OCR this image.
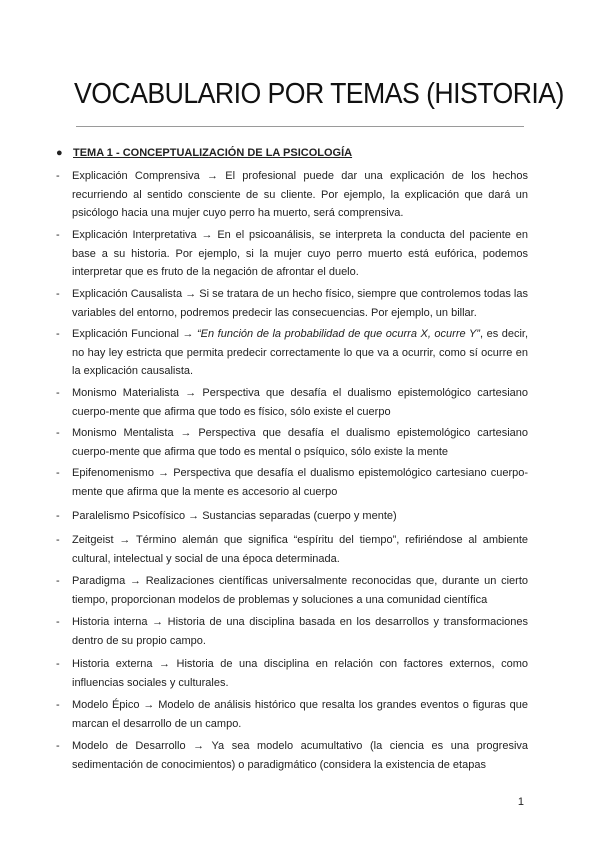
VOCABULARIO POR TEMAS (HISTORIA)
● TEMA 1 - CONCEPTUALIZACIÓN DE LA PSICOLOGÍA
- Explicación Comprensiva → El profesional puede dar una explicación de los hechos recurriendo al sentido consciente de su cliente. Por ejemplo, la explicación que dará un psicólogo hacia una mujer cuyo perro ha muerto, será comprensiva.
- Explicación Interpretativa → En el psicoanálisis, se interpreta la conducta del paciente en base a su historia. Por ejemplo, si la mujer cuyo perro muerto está eufórica, podemos interpretar que es fruto de la negación de afrontar el duelo.
- Explicación Causalista → Si se tratara de un hecho físico, siempre que controlemos todas las variables del entorno, podremos predecir las consecuencias. Por ejemplo, un billar.
- Explicación Funcional → “En función de la probabilidad de que ocurra X, ocurre Y”, es decir, no hay ley estricta que permita predecir correctamente lo que va a ocurrir, como sí ocurre en la explicación causalista.
- Monismo Materialista → Perspectiva que desafía el dualismo epistemológico cartesiano cuerpo-mente que afirma que todo es físico, sólo existe el cuerpo
- Monismo Mentalista → Perspectiva que desafía el dualismo epistemológico cartesiano cuerpo-mente que afirma que todo es mental o psíquico, sólo existe la mente
- Epifenomenismo → Perspectiva que desafía el dualismo epistemológico cartesiano cuerpo-mente que afirma que la mente es accesorio al cuerpo
- Paralelismo Psicofísico → Sustancias separadas (cuerpo y mente)
- Zeitgeist → Término alemán que significa “espíritu del tiempo”, refiriéndose al ambiente cultural, intelectual y social de una época determinada.
- Paradigma → Realizaciones científicas universalmente reconocidas que, durante un cierto tiempo, proporcionan modelos de problemas y soluciones a una comunidad científica
- Historia interna → Historia de una disciplina basada en los desarrollos y transformaciones dentro de su propio campo.
- Historia externa → Historia de una disciplina en relación con factores externos, como influencias sociales y culturales.
- Modelo Épico → Modelo de análisis histórico que resalta los grandes eventos o figuras que marcan el desarrollo de un campo.
- Modelo de Desarrollo → Ya sea modelo acumultativo (la ciencia es una progresiva sedimentación de conocimientos) o paradigmático (considera la existencia de etapas
1
